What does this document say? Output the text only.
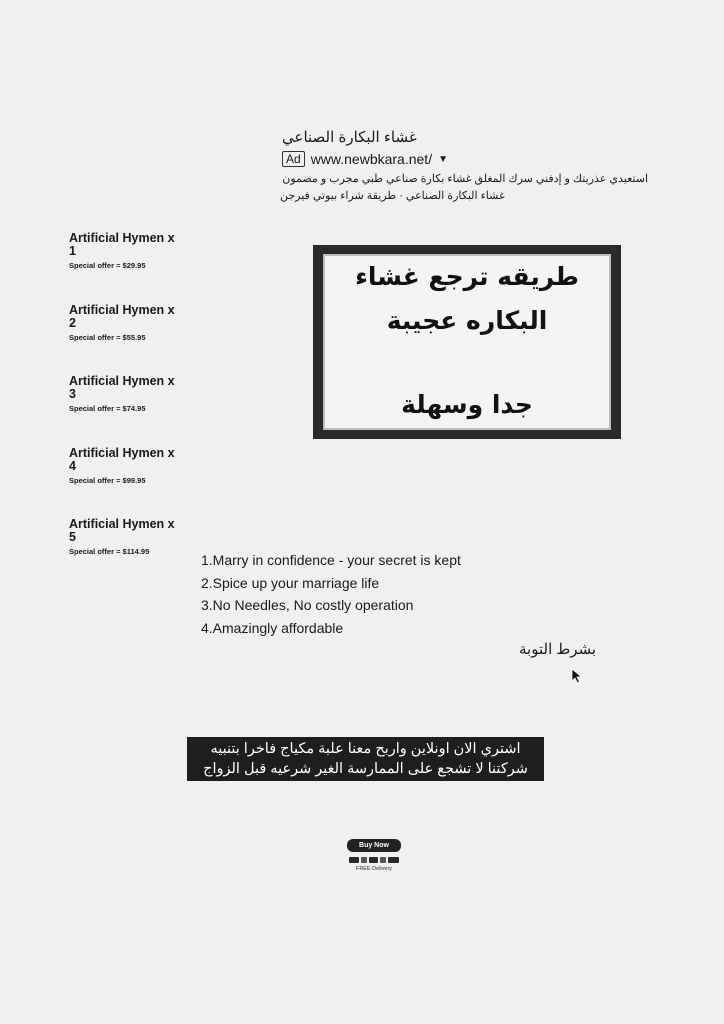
غشاء البكارة الصناعي
Ad www.newbkara.net/ ▼
استعيدي عذريتك و إدفني سرك المغلق غشاء بكارة صناعي طبي مجرب و مضمون
غشاء البكارة الصناعي · طريقة شراء بيوتي فيرجن
Artificial Hymen x 1
Special offer = $29.95
Artificial Hymen x 2
Special offer = $55.95
Artificial Hymen x 3
Special offer = $74.95
Artificial Hymen x 4
Special offer = $99.95
Artificial Hymen x 5
Special offer = $114.95
طريقه ترجع غشاء
البكاره عجيبة
جدا وسهلة
1.Marry in confidence - your secret is kept
2.Spice up your marriage life
3.No Needles, No costly operation
4.Amazingly affordable
بشرط التوبة
اشتري الان اونلاين واربح معنا علبة مكياج فاخرا بتنبيه
شركتنا لا تشجع على الممارسة الغير شرعيه قبل الزواج
Buy Now
FREE Delivery
